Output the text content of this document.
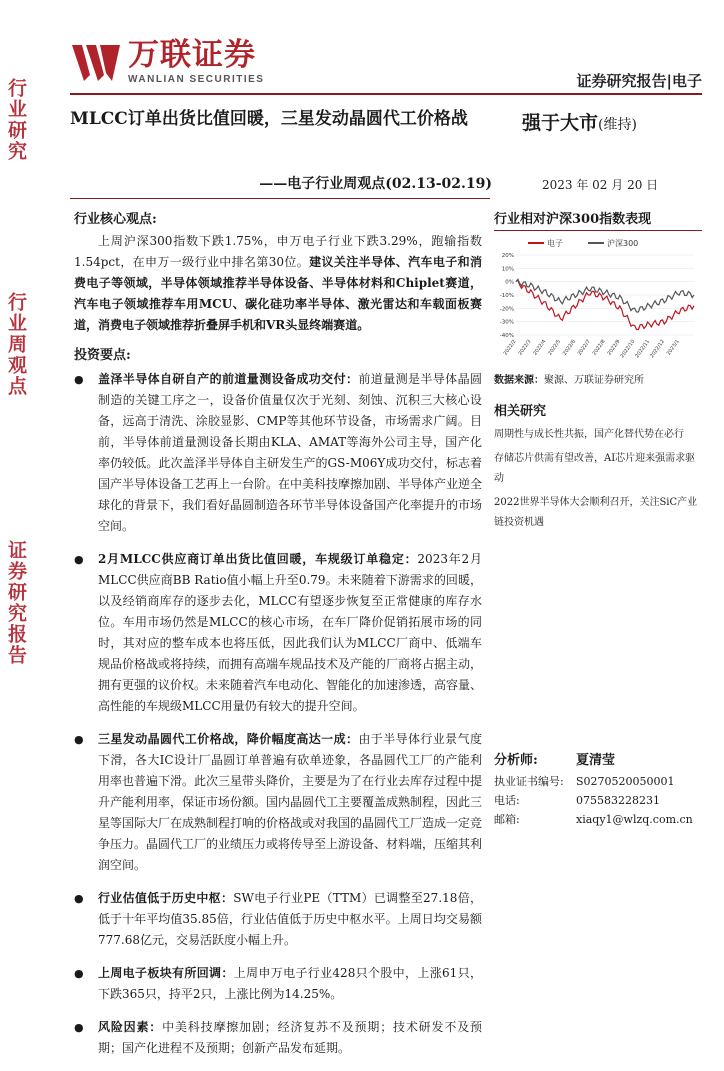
行业研究
行业周观点
证券研究报告
万联证券
WANLIAN SECURITIES	证券研究报告|电子
MLCC订单出货比值回暖，三星发动晶圆代工价格战
——电子行业周观点(02.13-02.19)
强于大市(维持)
2023 年 02 月 20 日
行业核心观点:
上周沪深300指数下跌1.75%，申万电子行业下跌3.29%，跑输指数1.54pct，在申万一级行业中排名第30位。建议关注半导体、汽车电子和消费电子等领域，半导体领域推荐半导体设备、半导体材料和Chiplet赛道，汽车电子领域推荐车用MCU、碳化硅功率半导体、激光雷达和车载面板赛道，消费电子领域推荐折叠屏手机和VR头显终端赛道。
投资要点:
●	盖泽半导体自研自产的前道量测设备成功交付：前道量测是半导体晶圆制造的关键工序之一，设备价值量仅次于光刻、刻蚀、沉积三大核心设备，远高于清洗、涂胶显影、CMP等其他环节设备，市场需求广阔。目前，半导体前道量测设备长期由KLA、AMAT等海外公司主导，国产化率仍较低。此次盖泽半导体自主研发生产的GS-M06Y成功交付，标志着国产半导体设备工艺再上一台阶。在中美科技摩擦加剧、半导体产业逆全球化的背景下，我们看好晶圆制造各环节半导体设备国产化率提升的市场空间。
●	2月MLCC供应商订单出货比值回暖，车规级订单稳定：2023年2月MLCC供应商BB Ratio值小幅上升至0.79。未来随着下游需求的回暖，以及经销商库存的逐步去化，MLCC有望逐步恢复至正常健康的库存水位。车用市场仍然是MLCC的核心市场，在车厂降价促销拓展市场的同时，其对应的整车成本也将压低，因此我们认为MLCC厂商中、低端车规品价格战或将持续，而拥有高端车规品技术及产能的厂商将占据主动，拥有更强的议价权。未来随着汽车电动化、智能化的加速渗透，高容量、高性能的车规级MLCC用量仍有较大的提升空间。
●	三星发动晶圆代工价格战，降价幅度高达一成：由于半导体行业景气度下滑，各大IC设计厂晶圆订单普遍有砍单迹象，各晶圆代工厂的产能利用率也普遍下滑。此次三星带头降价，主要是为了在行业去库存过程中提升产能利用率，保证市场份额。国内晶圆代工主要覆盖成熟制程，因此三星等国际大厂在成熟制程打响的价格战或对我国的晶圆代工厂造成一定竞争压力。晶圆代工厂的业绩压力或将传导至上游设备、材料端，压缩其利润空间。
●	行业估值低于历史中枢：SW电子行业PE（TTM）已调整至27.18倍，低于十年平均值35.85倍，行业估值低于历史中枢水平。上周日均交易额777.68亿元，交易活跃度小幅上升。
●	上周电子板块有所回调：上周申万电子行业428只个股中，上涨61只，下跌365只，持平2只，上涨比例为14.25%。
●	风险因素：中美科技摩擦加剧；经济复苏不及预期；技术研发不及预期；国产化进程不及预期；创新产品发布延期。
行业相对沪深300指数表现
电子	沪深300
20%
10%
0%
-10%
-20%
-30%
-40%
2022/2 2022/3 2022/4 2022/5 2022/6 2022/7 2022/8 2022/9
2022/10
2022/11
2022/12 2023/1
数据来源：聚源、万联证券研究所
相关研究
周期性与成长性共振，国产化替代势在必行
存储芯片供需有望改善，AI芯片迎来强需求驱动
2022世界半导体大会顺利召开，关注SiC产业链投资机遇
分析师:	夏清莹
执业证书编号:	S0270520050001
电话:	075583228231
邮箱:	xiaqy1@wlzq.com.cn
